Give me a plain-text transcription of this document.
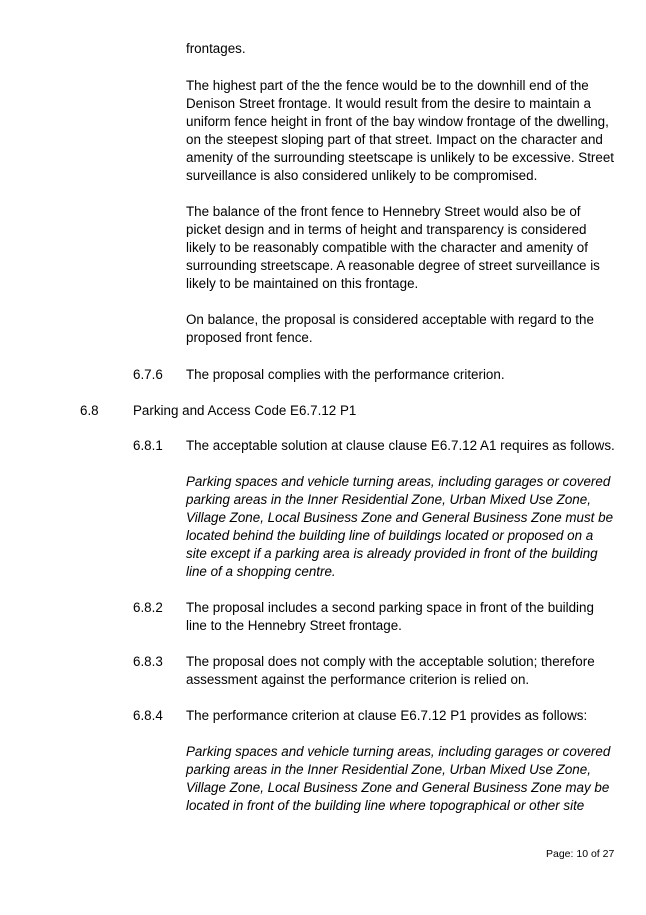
frontages.

The highest part of the the fence would be to the downhill end of the Denison Street frontage. It would result from the desire to maintain a uniform fence height in front of the bay window frontage of the dwelling, on the steepest sloping part of that street. Impact on the character and amenity of the surrounding steetscape is unlikely to be excessive. Street surveillance is also considered unlikely to be compromised.

The balance of the front fence to Hennebry Street would also be of picket design and in terms of height and transparency is considered likely to be reasonably compatible with the character and amenity of surrounding streetscape. A reasonable degree of street surveillance is likely to be maintained on this frontage.

On balance, the proposal is considered acceptable with regard to the proposed front fence.

6.7.6 The proposal complies with the performance criterion.

6.8	Parking and Access Code E6.7.12 P1

6.8.1 The acceptable solution at clause clause E6.7.12 A1 requires as follows.

Parking spaces and vehicle turning areas, including garages or covered parking areas in the Inner Residential Zone, Urban Mixed Use Zone, Village Zone, Local Business Zone and General Business Zone must be located behind the building line of buildings located or proposed on a site except if a parking area is already provided in front of the building line of a shopping centre.

6.8.2 The proposal includes a second parking space in front of the building line to the Hennebry Street frontage.

6.8.3 The proposal does not comply with the acceptable solution; therefore assessment against the performance criterion is relied on.

6.8.4 The performance criterion at clause E6.7.12 P1 provides as follows:

Parking spaces and vehicle turning areas, including garages or covered parking areas in the Inner Residential Zone, Urban Mixed Use Zone, Village Zone, Local Business Zone and General Business Zone may be located in front of the building line where topographical or other site

Page: 10 of 27
